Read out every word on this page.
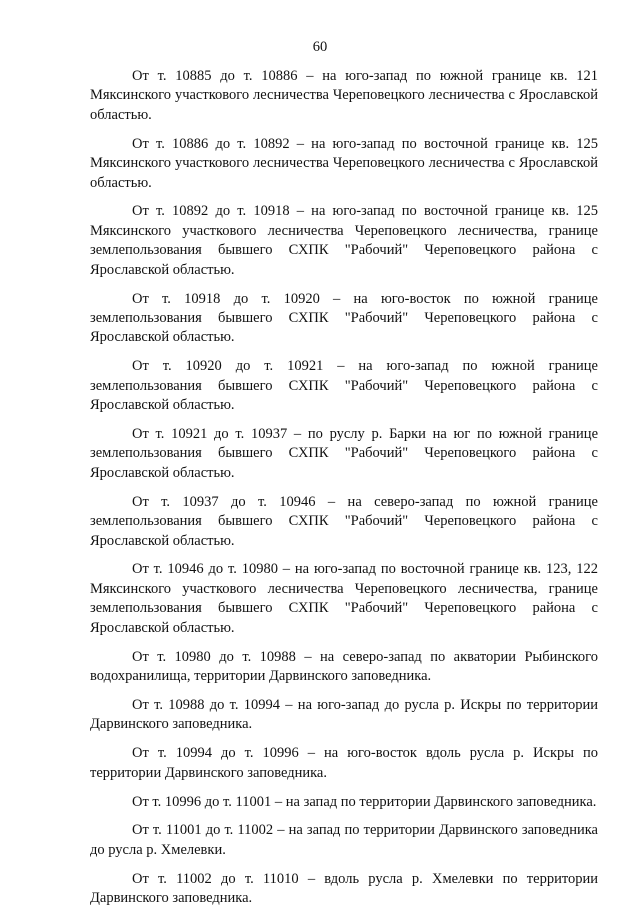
60

От т. 10885 до т. 10886 – на юго-запад по южной границе кв. 121 Мяксинского участкового лесничества Череповецкого лесничества с Ярославской областью.

От т. 10886 до т. 10892 – на юго-запад по восточной границе кв. 125 Мяксинского участкового лесничества Череповецкого лесничества с Ярославской областью.

От т. 10892 до т. 10918 – на юго-запад по восточной границе кв. 125 Мяксинского участкового лесничества Череповецкого лесничества, границе землепользования бывшего СХПК "Рабочий" Череповецкого района с Ярославской областью.

От т. 10918 до т. 10920 – на юго-восток по южной границе землепользования бывшего СХПК "Рабочий" Череповецкого района с Ярославской областью.

От т. 10920 до т. 10921 – на юго-запад по южной границе землепользования бывшего СХПК "Рабочий" Череповецкого района с Ярославской областью.

От т. 10921 до т. 10937 – по руслу р. Барки на юг по южной границе землепользования бывшего СХПК "Рабочий" Череповецкого района с Ярославской областью.

От т. 10937 до т. 10946 – на северо-запад по южной границе землепользования бывшего СХПК "Рабочий" Череповецкого района с Ярославской областью.

От т. 10946 до т. 10980 – на юго-запад по восточной границе кв. 123, 122 Мяксинского участкового лесничества Череповецкого лесничества, границе землепользования бывшего СХПК "Рабочий" Череповецкого района с Ярославской областью.

От т. 10980 до т. 10988 – на северо-запад по акватории Рыбинского водохранилища, территории Дарвинского заповедника.

От т. 10988 до т. 10994 – на юго-запад до русла р. Искры по территории Дарвинского заповедника.

От т. 10994 до т. 10996 – на юго-восток вдоль русла р. Искры по территории Дарвинского заповедника.

От т. 10996 до т. 11001 – на запад по территории Дарвинского заповедника.

От т. 11001 до т. 11002 – на запад по территории Дарвинского заповедника до русла р. Хмелевки.

От т. 11002 до т. 11010 – вдоль русла р. Хмелевки по территории Дарвинского заповедника.
